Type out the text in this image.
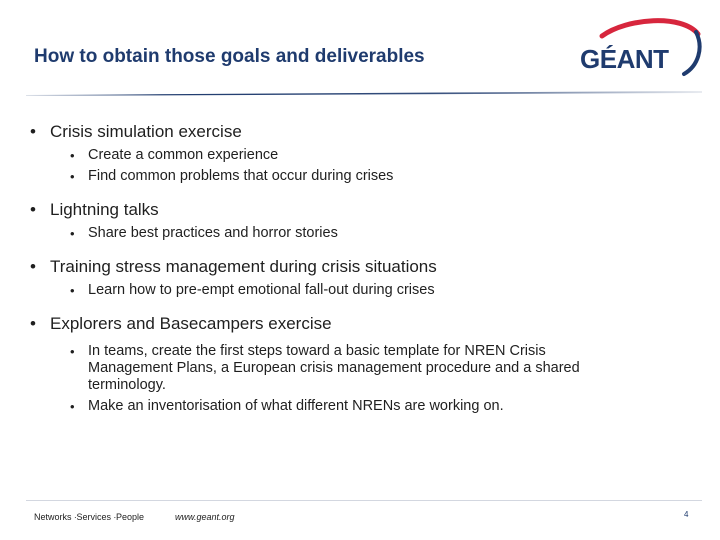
How to obtain those goals and deliverables	GÉANT
• Crisis simulation exercise
• Create a common experience
• Find common problems that occur during crises
• Lightning talks
• Share best practices and horror stories
• Training stress management during crisis situations
• Learn how to pre-empt emotional fall-out during crises
• Explorers and Basecampers exercise
• In teams, create the first steps toward a basic template for NREN Crisis Management Plans, a European crisis management procedure and a shared terminology.
• Make an inventorisation of what different NRENs are working on.
Networks ∙Services ∙People	www.geant.org	4
